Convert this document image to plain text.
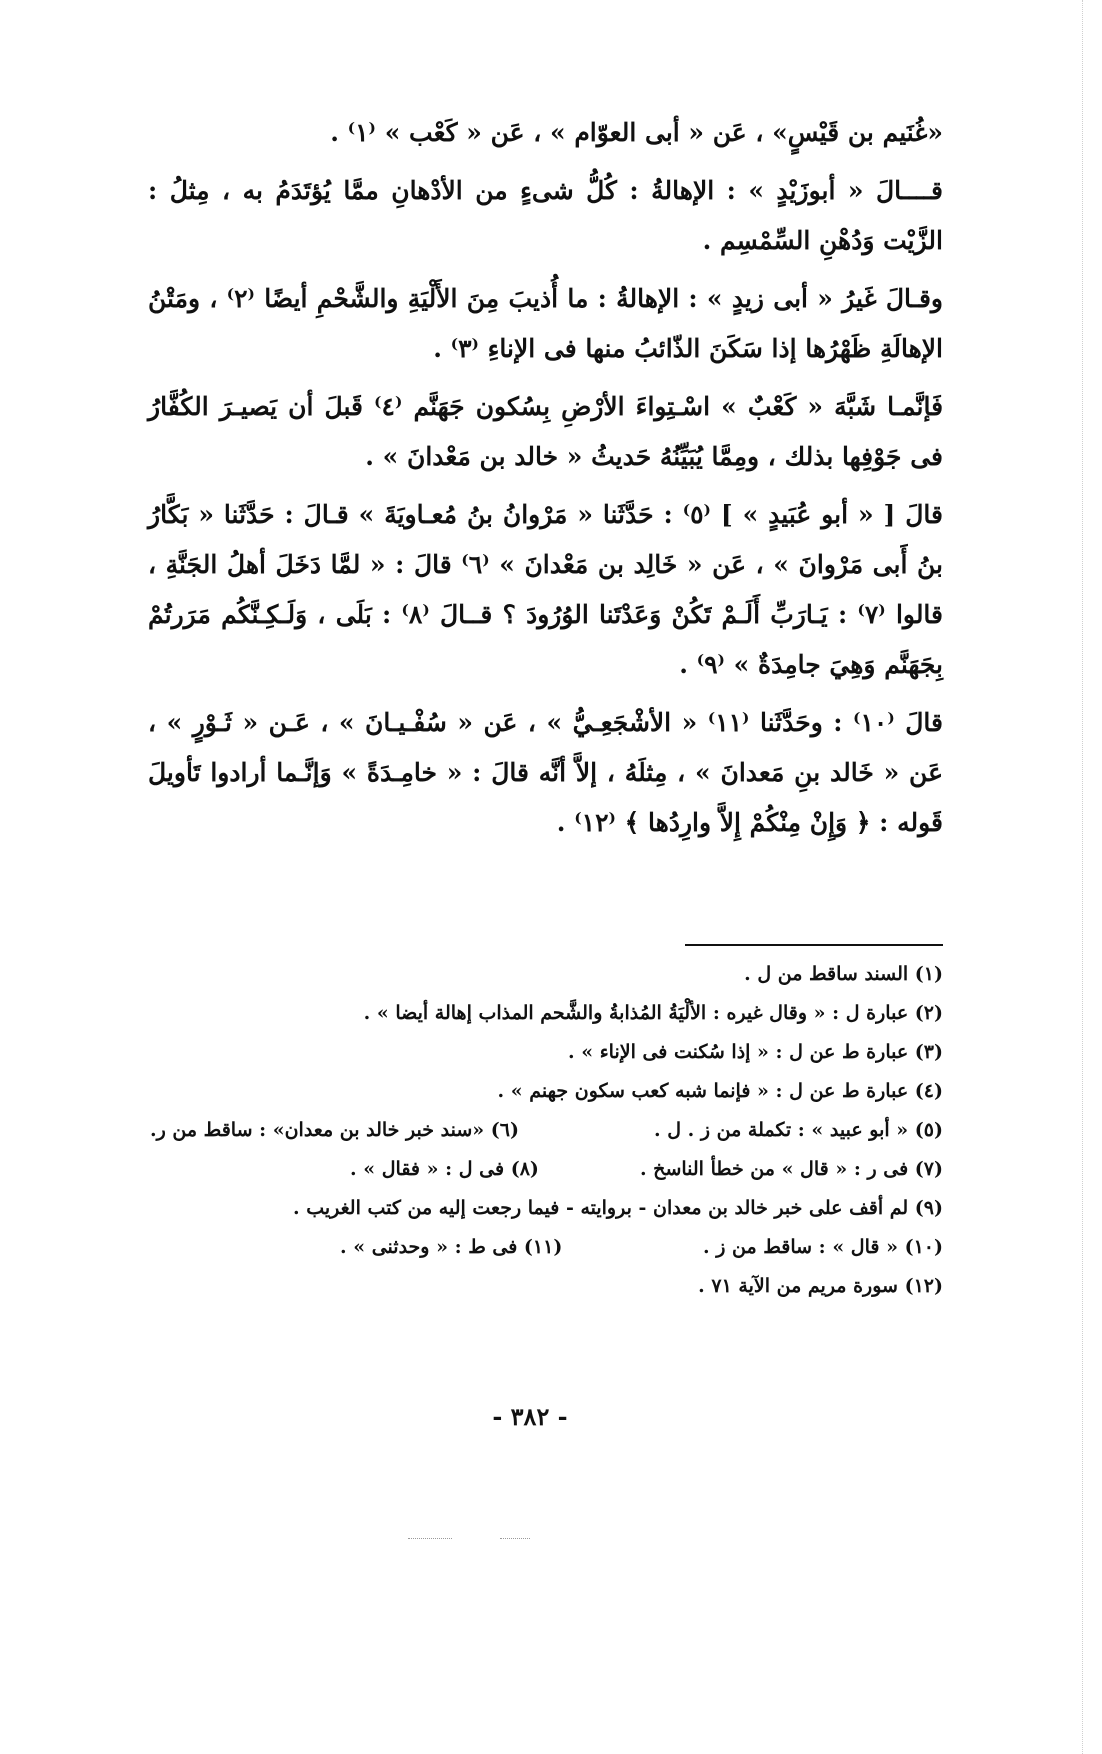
«غُنَيم بن قَيْسٍ» ، عَن « أبى العوّام » ، عَن « كَعْب » ⁽١⁾ .

قــــالَ « أبوزَيْدٍ » : الإهالةُ : كُلُّ شىءٍ من الأدْهانِ ممَّا يُؤتَدَمُ به ، مِثلُ : الزَّيْت وَدُهْنِ السِّمْسِم .

وقـالَ غَيرُ « أبى زيدٍ » : الإهالةُ : ما أُذيبَ مِنَ الأَلْيَةِ والشَّحْمِ أيضًا ⁽٢⁾ ، ومَتْنُ الإهالَةِ ظَهْرُها إذا سَكَنَ الذّائبُ منها فى الإناءِ ⁽٣⁾ .

فَإنَّمـا شَبَّهَ « كَعْبٌ » اسْـتِواءَ الأرْضِ بِسُكون جَهَنَّم ⁽٤⁾ قَبلَ أن يَصيـرَ الكُفَّارُ فى جَوْفِها بذلك ، ومِمَّا يُبَيِّنُهُ حَديثُ « خالد بن مَعْدانَ » .

قالَ [ « أبو عُبَيدٍ » ] ⁽٥⁾ : حَدَّثَنا « مَرْوانُ بنُ مُعـاويَةَ » قـالَ : حَدَّثَنا « بَكَّارُ بنُ أَبى مَرْوانَ » ، عَن « خَالِد بن مَعْدانَ » ⁽٦⁾ قالَ : « لمَّا دَخَلَ أهلُ الجَنَّةِ ، قالوا ⁽٧⁾ : يَـارَبِّ أَلَـمْ تَكُنْ وَعَدْتَنا الوُرُودَ ؟ قــالَ ⁽٨⁾ : بَلَى ، وَلَـكِـنَّكُم مَرَرتُمْ بِجَهَنَّم وَهِيَ جامِدَةٌ » ⁽٩⁾ .

قالَ ⁽١٠⁾ : وحَدَّثَنا ⁽١١⁾ « الأشْجَعِـيُّ » ، عَن « سُفْـيـانَ » ، عَـن « ثَـوْرٍ » ، عَن « خَالد بنِ مَعدانَ » ، مِثلَهُ ، إلاَّ أنَّه قالَ : « خامِـدَةً » وَإنَّـما أرادوا تَأويلَ قَوله : ﴿ وَإِنْ مِنْكُمْ إِلاَّ وارِدُها ﴾ ⁽١٢⁾ .

(١) السند ساقط من ل .
(٢) عبارة ل : « وقال غيره : الألْيَةُ المُذابةُ والشَّحم المذاب إهالة أيضا » .
(٣) عبارة ط عن ل : « إذا سُكنت فى الإناء » .
(٤) عبارة ط عن ل : « فإنما شبه كعب سكون جهنم » .
(٥) « أبو عبيد » : تكملة من ز . ل .
(٦) «سند خبر خالد بن معدان» : ساقط من ر.
(٧) فى ر : « قال » من خطأ الناسخ .
(٨) فى ل : « فقال » .
(٩) لم أقف على خبر خالد بن معدان - بروايته - فيما رجعت إليه من كتب الغريب .
(١٠) « قال » : ساقط من ز .
(١١) فى ط : « وحدثنى » .
(١٢) سورة مريم من الآية ٧١ .
- ٣٨٢ -
